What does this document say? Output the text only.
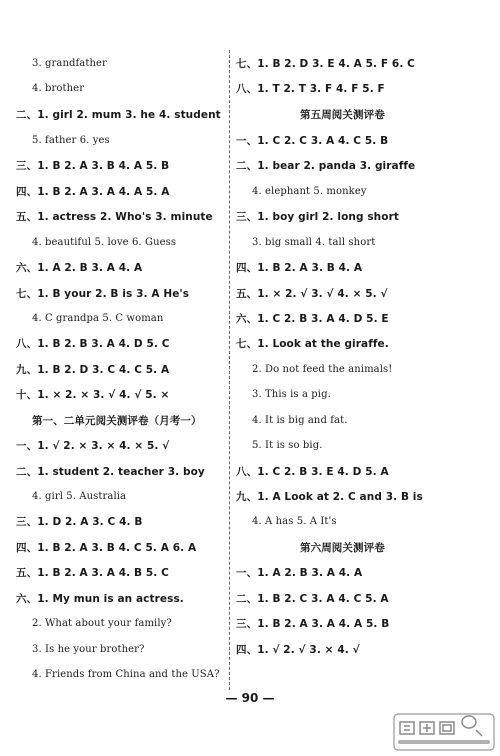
3. grandfather
4. brother
二、1. girl 2. mum 3. he 4. student
5. father 6. yes
三、1. B 2. A 3. B 4. A 5. B
四、1. B 2. A 3. A 4. A 5. A
五、1. actress 2. Who's 3. minute
4. beautiful 5. love 6. Guess
六、1. A 2. B 3. A 4. A
七、1. B your 2. B is 3. A He's
4. C grandpa 5. C woman
八、1. B 2. B 3. A 4. D 5. C
九、1. B 2. D 3. C 4. C 5. A
十、1. × 2. × 3. √ 4. √ 5. ×
第一、二单元阅关测评卷（月考一）
一、1. √ 2. × 3. × 4. × 5. √
二、1. student 2. teacher 3. boy
4. girl 5. Australia
三、1. D 2. A 3. C 4. B
四、1. B 2. A 3. B 4. C 5. A 6. A
五、1. B 2. A 3. A 4. B 5. C
六、1. My mun is an actress.
2. What about your family?
3. Is he your brother?
4. Friends from China and the USA?
七、1. B 2. D 3. E 4. A 5. F 6. C
八、1. T 2. T 3. F 4. F 5. F
第五周阅关测评卷
一、1. C 2. C 3. A 4. C 5. B
二、1. bear 2. panda 3. giraffe
4. elephant 5. monkey
三、1. boy girl 2. long short
3. big small 4. tall short
四、1. B 2. A 3. B 4. A
五、1. × 2. √ 3. √ 4. × 5. √
六、1. C 2. B 3. A 4. D 5. E
七、1. Look at the giraffe.
2. Do not feed the animals!
3. This is a pig.
4. It is big and fat.
5. It is so big.
八、1. C 2. B 3. E 4. D 5. A
九、1. A Look at 2. C and 3. B is
4. A has 5. A It's
第六周阅关测评卷
一、1. A 2. B 3. A 4. A
二、1. B 2. C 3. A 4. C 5. A
三、1. B 2. A 3. A 4. A 5. B
四、1. √ 2. √ 3. × 4. √
— 90 —
